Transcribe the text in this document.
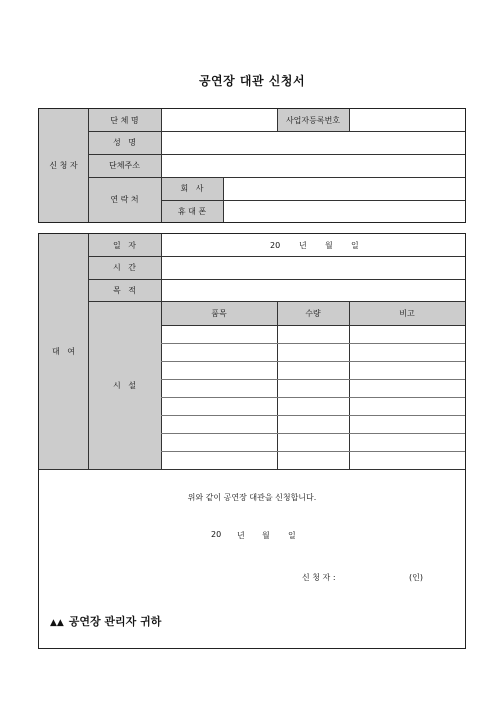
공연장 대관 신청서
신 청 자
단 체 명	사업자등록번호
성   명
단체주소
연 락 처
회   사
휴 대 폰
대   여
일   자	20 년 월 일
시   간
목   적
시   설
품목	수량	비고
위와 같이 공연장 대관을 신청합니다.
20 년 월 일
신 청 자 :	(인)
▲▲ 공연장 관리자 귀하
